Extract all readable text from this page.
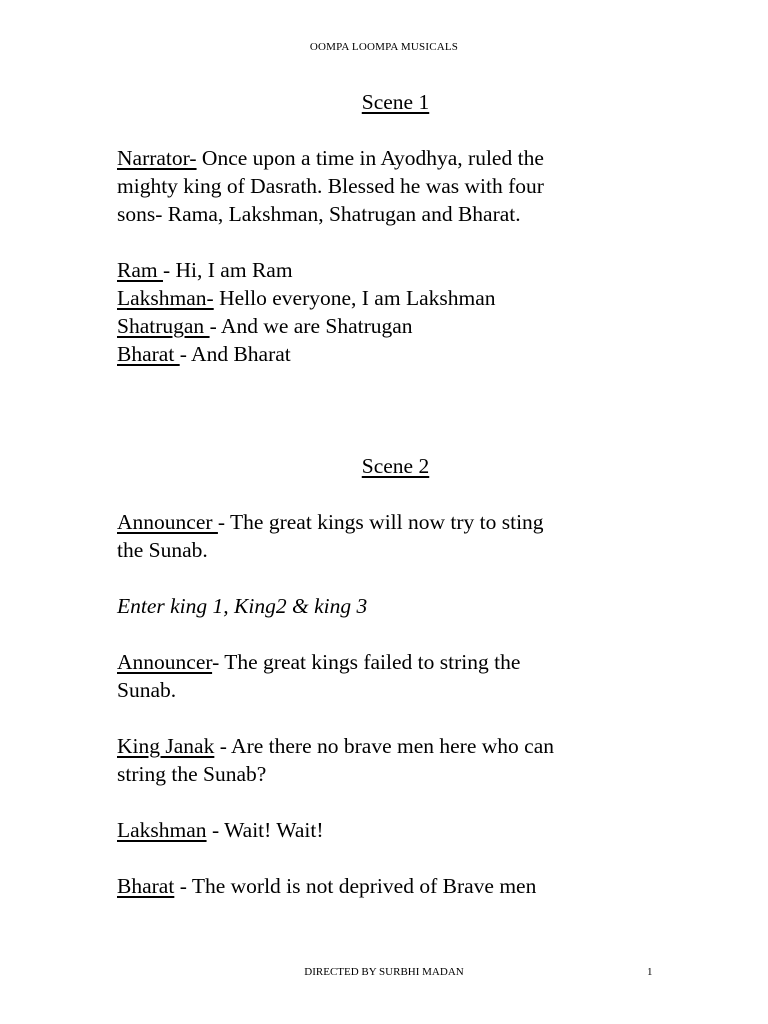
OOMPA LOOMPA MUSICALS

Scene 1

Narrator- Once upon a time in Ayodhya, ruled the
mighty king of Dasrath. Blessed he was with four
sons- Rama, Lakshman, Shatrugan and Bharat.
Ram - Hi, I am Ram
Lakshman- Hello everyone, I am Lakshman
Shatrugan - And we are Shatrugan
Bharat - And Bharat

Scene 2

Announcer - The great kings will now try to sting
the Sunab.

Enter king 1, King2 & king 3

Announcer- The great kings failed to string the
Sunab.
King Janak - Are there no brave men here who can
string the Sunab?
Lakshman - Wait! Wait!
Bharat - The world is not deprived of Brave men
DIRECTED BY SURBHI MADAN	1
